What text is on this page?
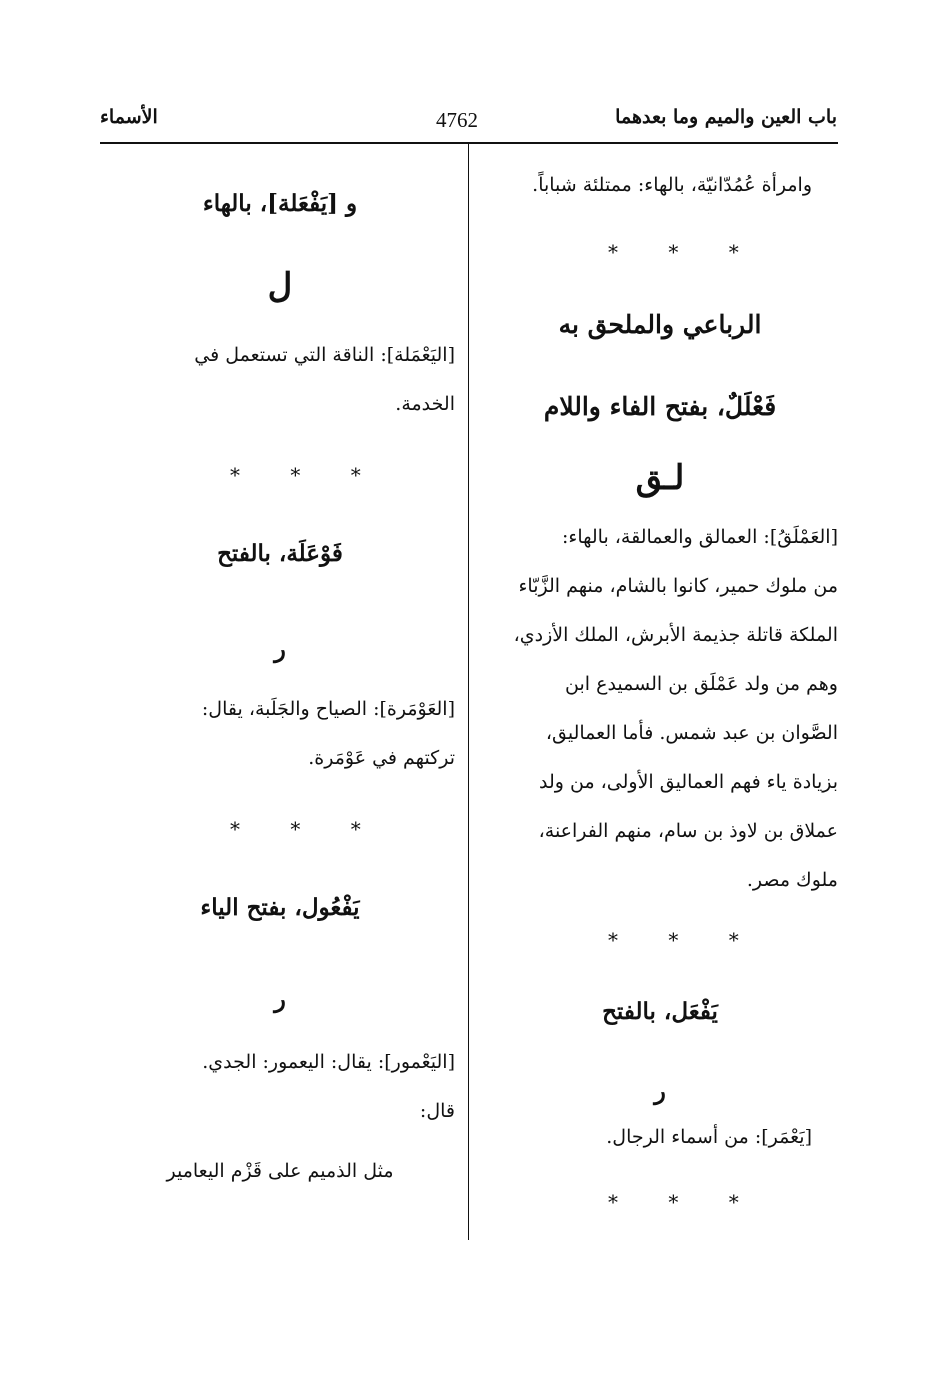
باب العين والميم وما بعدهما
4762
الأسماء
وامرأة عُمُدّانيّة، بالهاء: ممتلئة شباباً.
* * *
الرباعي والملحق به
فَعْلَلٌ، بفتح الفاء واللام
لـق
[العَمْلَقُ]: العمالق والعمالقة، بالهاء:
من ملوك حمير، كانوا بالشام، منهم الزَّبّاء
الملكة قاتلة جذيمة الأبرش، الملك الأزدي،
وهم من ولد عَمْلَق بن السميدع ابن
الصَّوان بن عبد شمس. فأما العماليق،
بزيادة ياء فهم العماليق الأولى، من ولد
عملاق بن لاوذ بن سام، منهم الفراعنة،
ملوك مصر.
* * *
يَفْعَل، بالفتح
ر
[يَعْمَر]: من أسماء الرجال.
* * *
و [يَفْعَلة]، بالهاء
ل
[اليَعْمَلة]: الناقة التي تستعمل في
الخدمة.
* * *
فَوْعَلَة، بالفتح
ر
[العَوْمَرة]: الصياح والجَلَبة، يقال:
تركتهم في عَوْمَرة.
* * *
يَفْعُول، بفتح الياء
ر
[اليَعْمور]: يقال: اليعمور: الجدي.
قال:
مثل الذميم على قَزْم اليعامير
